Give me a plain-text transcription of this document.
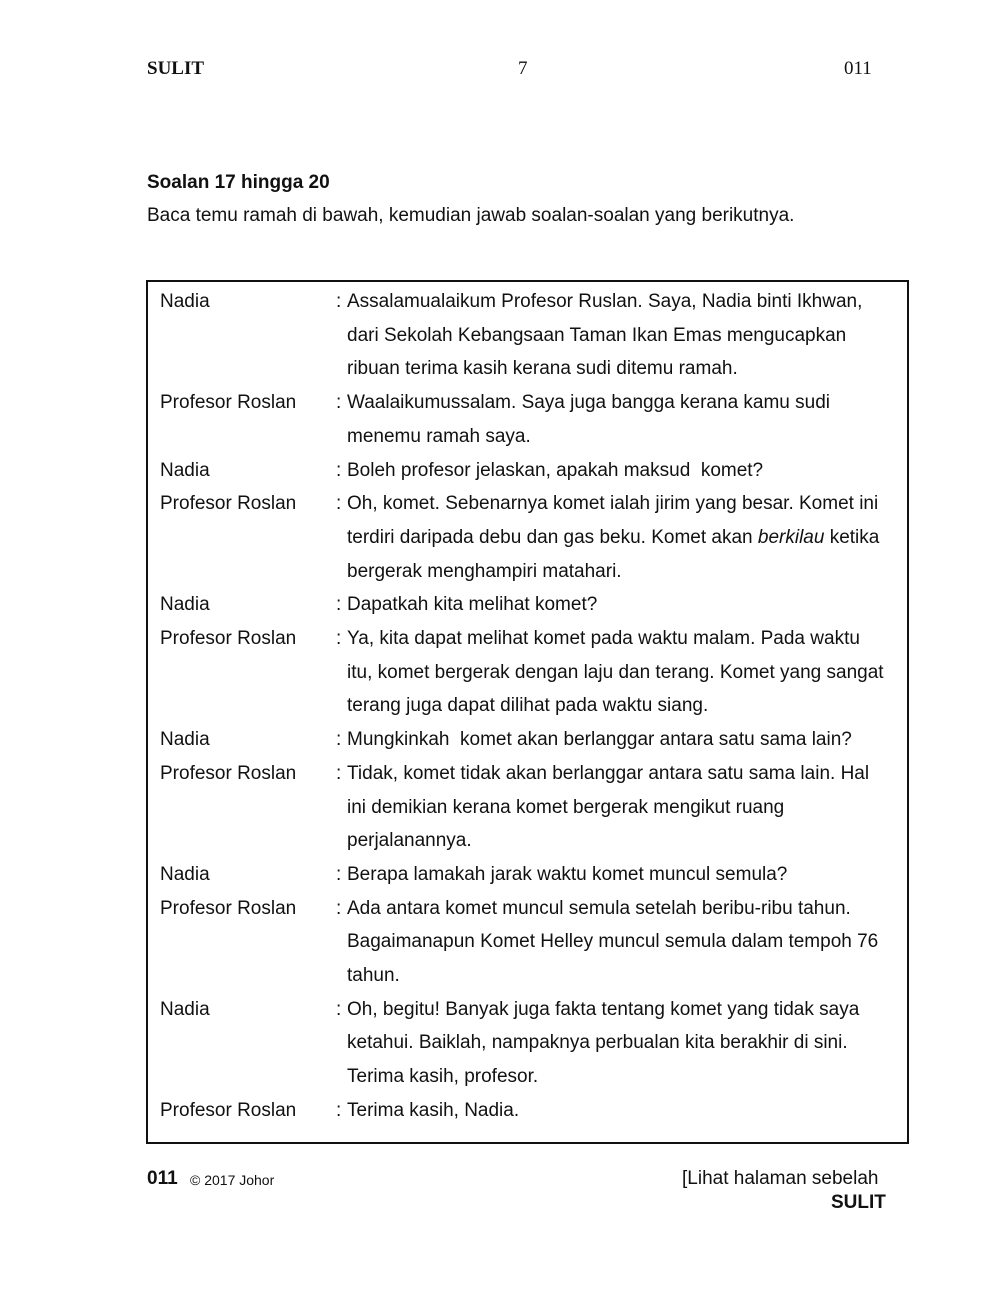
SULIT	7	011
Soalan 17 hingga 20
Baca temu ramah di bawah, kemudian jawab soalan-soalan yang berikutnya.
Nadia	: Assalamualaikum Profesor Ruslan. Saya, Nadia binti Ikhwan,
dari Sekolah Kebangsaan Taman Ikan Emas mengucapkan
ribuan terima kasih kerana sudi ditemu ramah.
Profesor Roslan	: Waalaikumussalam. Saya juga bangga kerana kamu sudi
menemu ramah saya.
Nadia	: Boleh profesor jelaskan, apakah maksud  komet?
Profesor Roslan	: Oh, komet. Sebenarnya komet ialah jirim yang besar. Komet ini
terdiri daripada debu dan gas beku. Komet akan berkilau ketika
bergerak menghampiri matahari.
Nadia	: Dapatkah kita melihat komet?
Profesor Roslan	: Ya, kita dapat melihat komet pada waktu malam. Pada waktu
itu, komet bergerak dengan laju dan terang. Komet yang sangat
terang juga dapat dilihat pada waktu siang.
Nadia	: Mungkinkah  komet akan berlanggar antara satu sama lain?
Profesor Roslan	: Tidak, komet tidak akan berlanggar antara satu sama lain. Hal
ini demikian kerana komet bergerak mengikut ruang
perjalanannya.
Nadia	: Berapa lamakah jarak waktu komet muncul semula?
Profesor Roslan	: Ada antara komet muncul semula setelah beribu-ribu tahun.
Bagaimanapun Komet Helley muncul semula dalam tempoh 76
tahun.
Nadia	: Oh, begitu! Banyak juga fakta tentang komet yang tidak saya
ketahui. Baiklah, nampaknya perbualan kita berakhir di sini.
Terima kasih, profesor.
Profesor Roslan	: Terima kasih, Nadia.
011 © 2017 Johor	[Lihat halaman sebelah
SULIT
